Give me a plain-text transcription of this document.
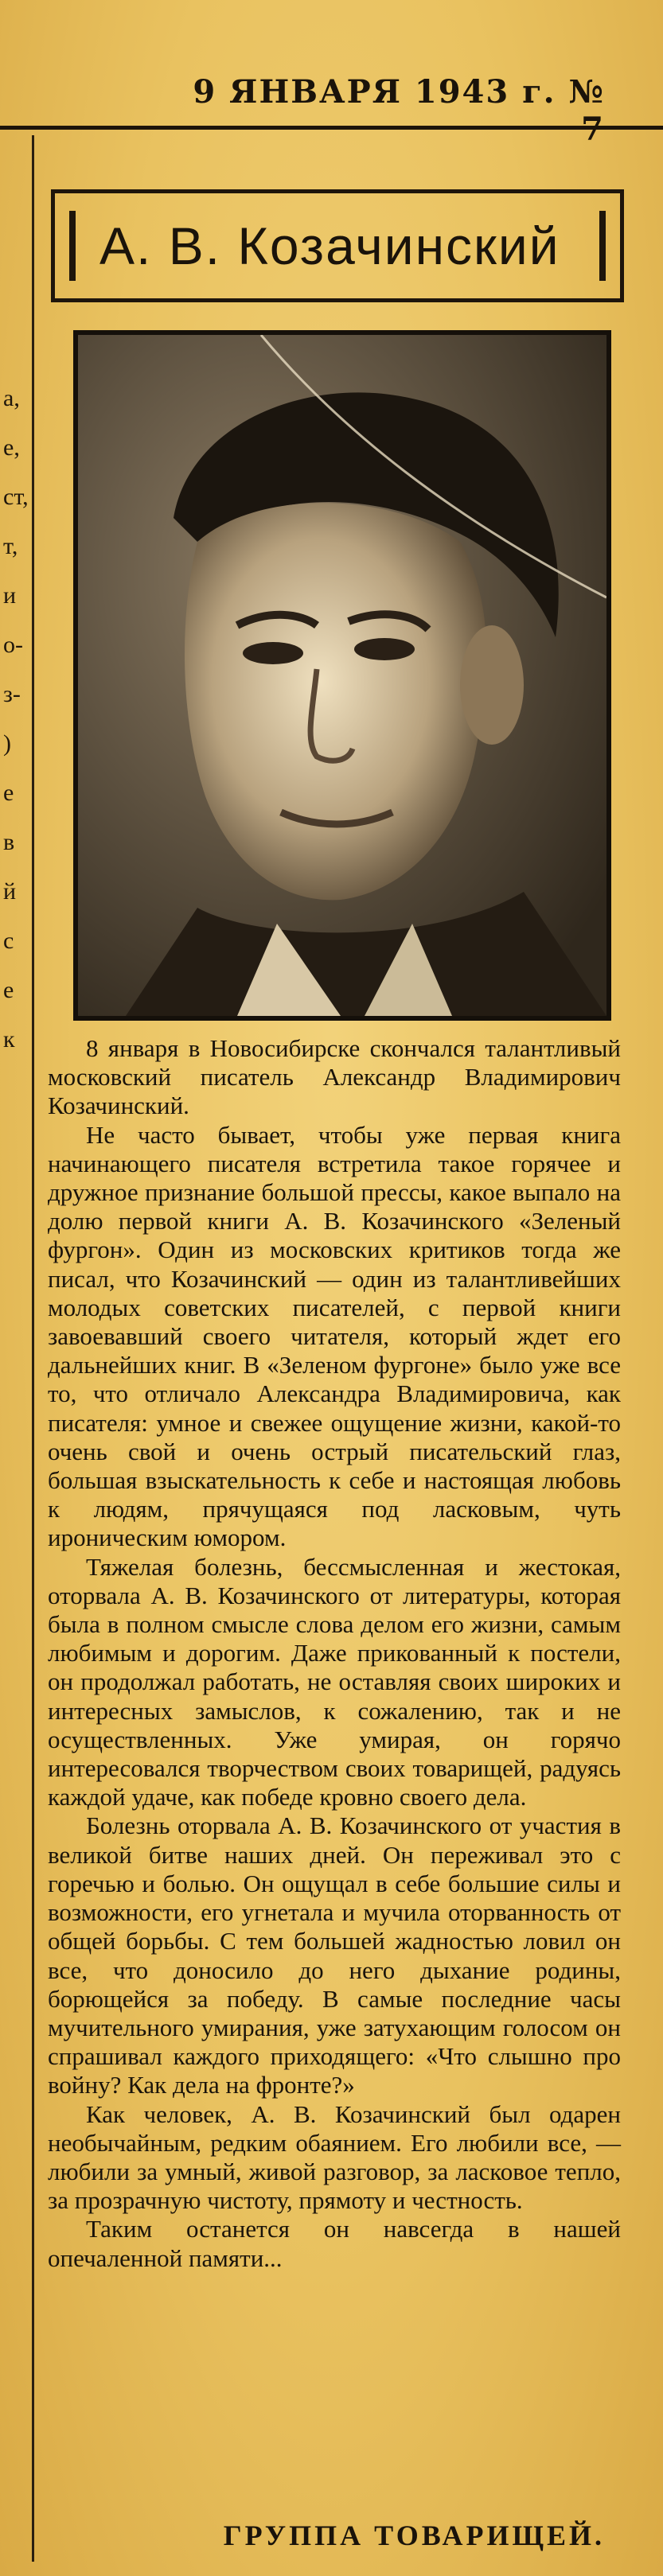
9 ЯНВАРЯ 1943 г. №
а,
е,
ст,
т,
и
о-
з-
)
е
в
й
с
е
к
А. В. Козачинский

8 января в Новосибирске скончался талантливый московский писатель Александр Владимирович Козачинский.

Не часто бывает, чтобы уже первая книга начинающего писателя встретила такое горячее и дружное признание большой прессы, какое выпало на долю первой книги А. В. Козачинского «Зеленый фургон». Один из московских критиков тогда же писал, что Козачинский — один из талантливейших молодых советских писателей, с первой книги завоевавший своего читателя, который ждет его дальнейших книг. В «Зеленом фургоне» было уже все то, что отличало Александра Владимировича, как писателя: умное и свежее ощущение жизни, какой-то очень свой и очень острый писательский глаз, большая взыскательность к себе и настоящая любовь к людям, прячущаяся под ласковым, чуть ироническим юмором.

Тяжелая болезнь, бессмысленная и жестокая, оторвала А. В. Козачинского от литературы, которая была в полном смысле слова делом его жизни, самым любимым и дорогим. Даже прикованный к постели, он продолжал работать, не оставляя своих широких и интересных замыслов, к сожалению, так и не осуществленных. Уже умирая, он горячо интересовался творчеством своих товарищей, радуясь каждой удаче, как победе кровно своего дела.

Болезнь оторвала А. В. Козачинского от участия в великой битве наших дней. Он переживал это с горечью и болью. Он ощущал в себе большие силы и возможности, его угнетала и мучила оторванность от общей борьбы. С тем большей жадностью ловил он все, что доносило до него дыхание родины, борющейся за победу. В самые последние часы мучительного умирания, уже затухающим голосом он спрашивал каждого приходящего: «Что слышно про войну? Как дела на фронте?»

Как человек, А. В. Козачинский был одарен необычайным, редким обаянием. Его любили все, — любили за умный, живой разговор, за ласковое тепло, за прозрачную чистоту, прямоту и честность.

Таким останется он навсегда в нашей опечаленной памяти...

ГРУППА ТОВАРИЩЕЙ.
